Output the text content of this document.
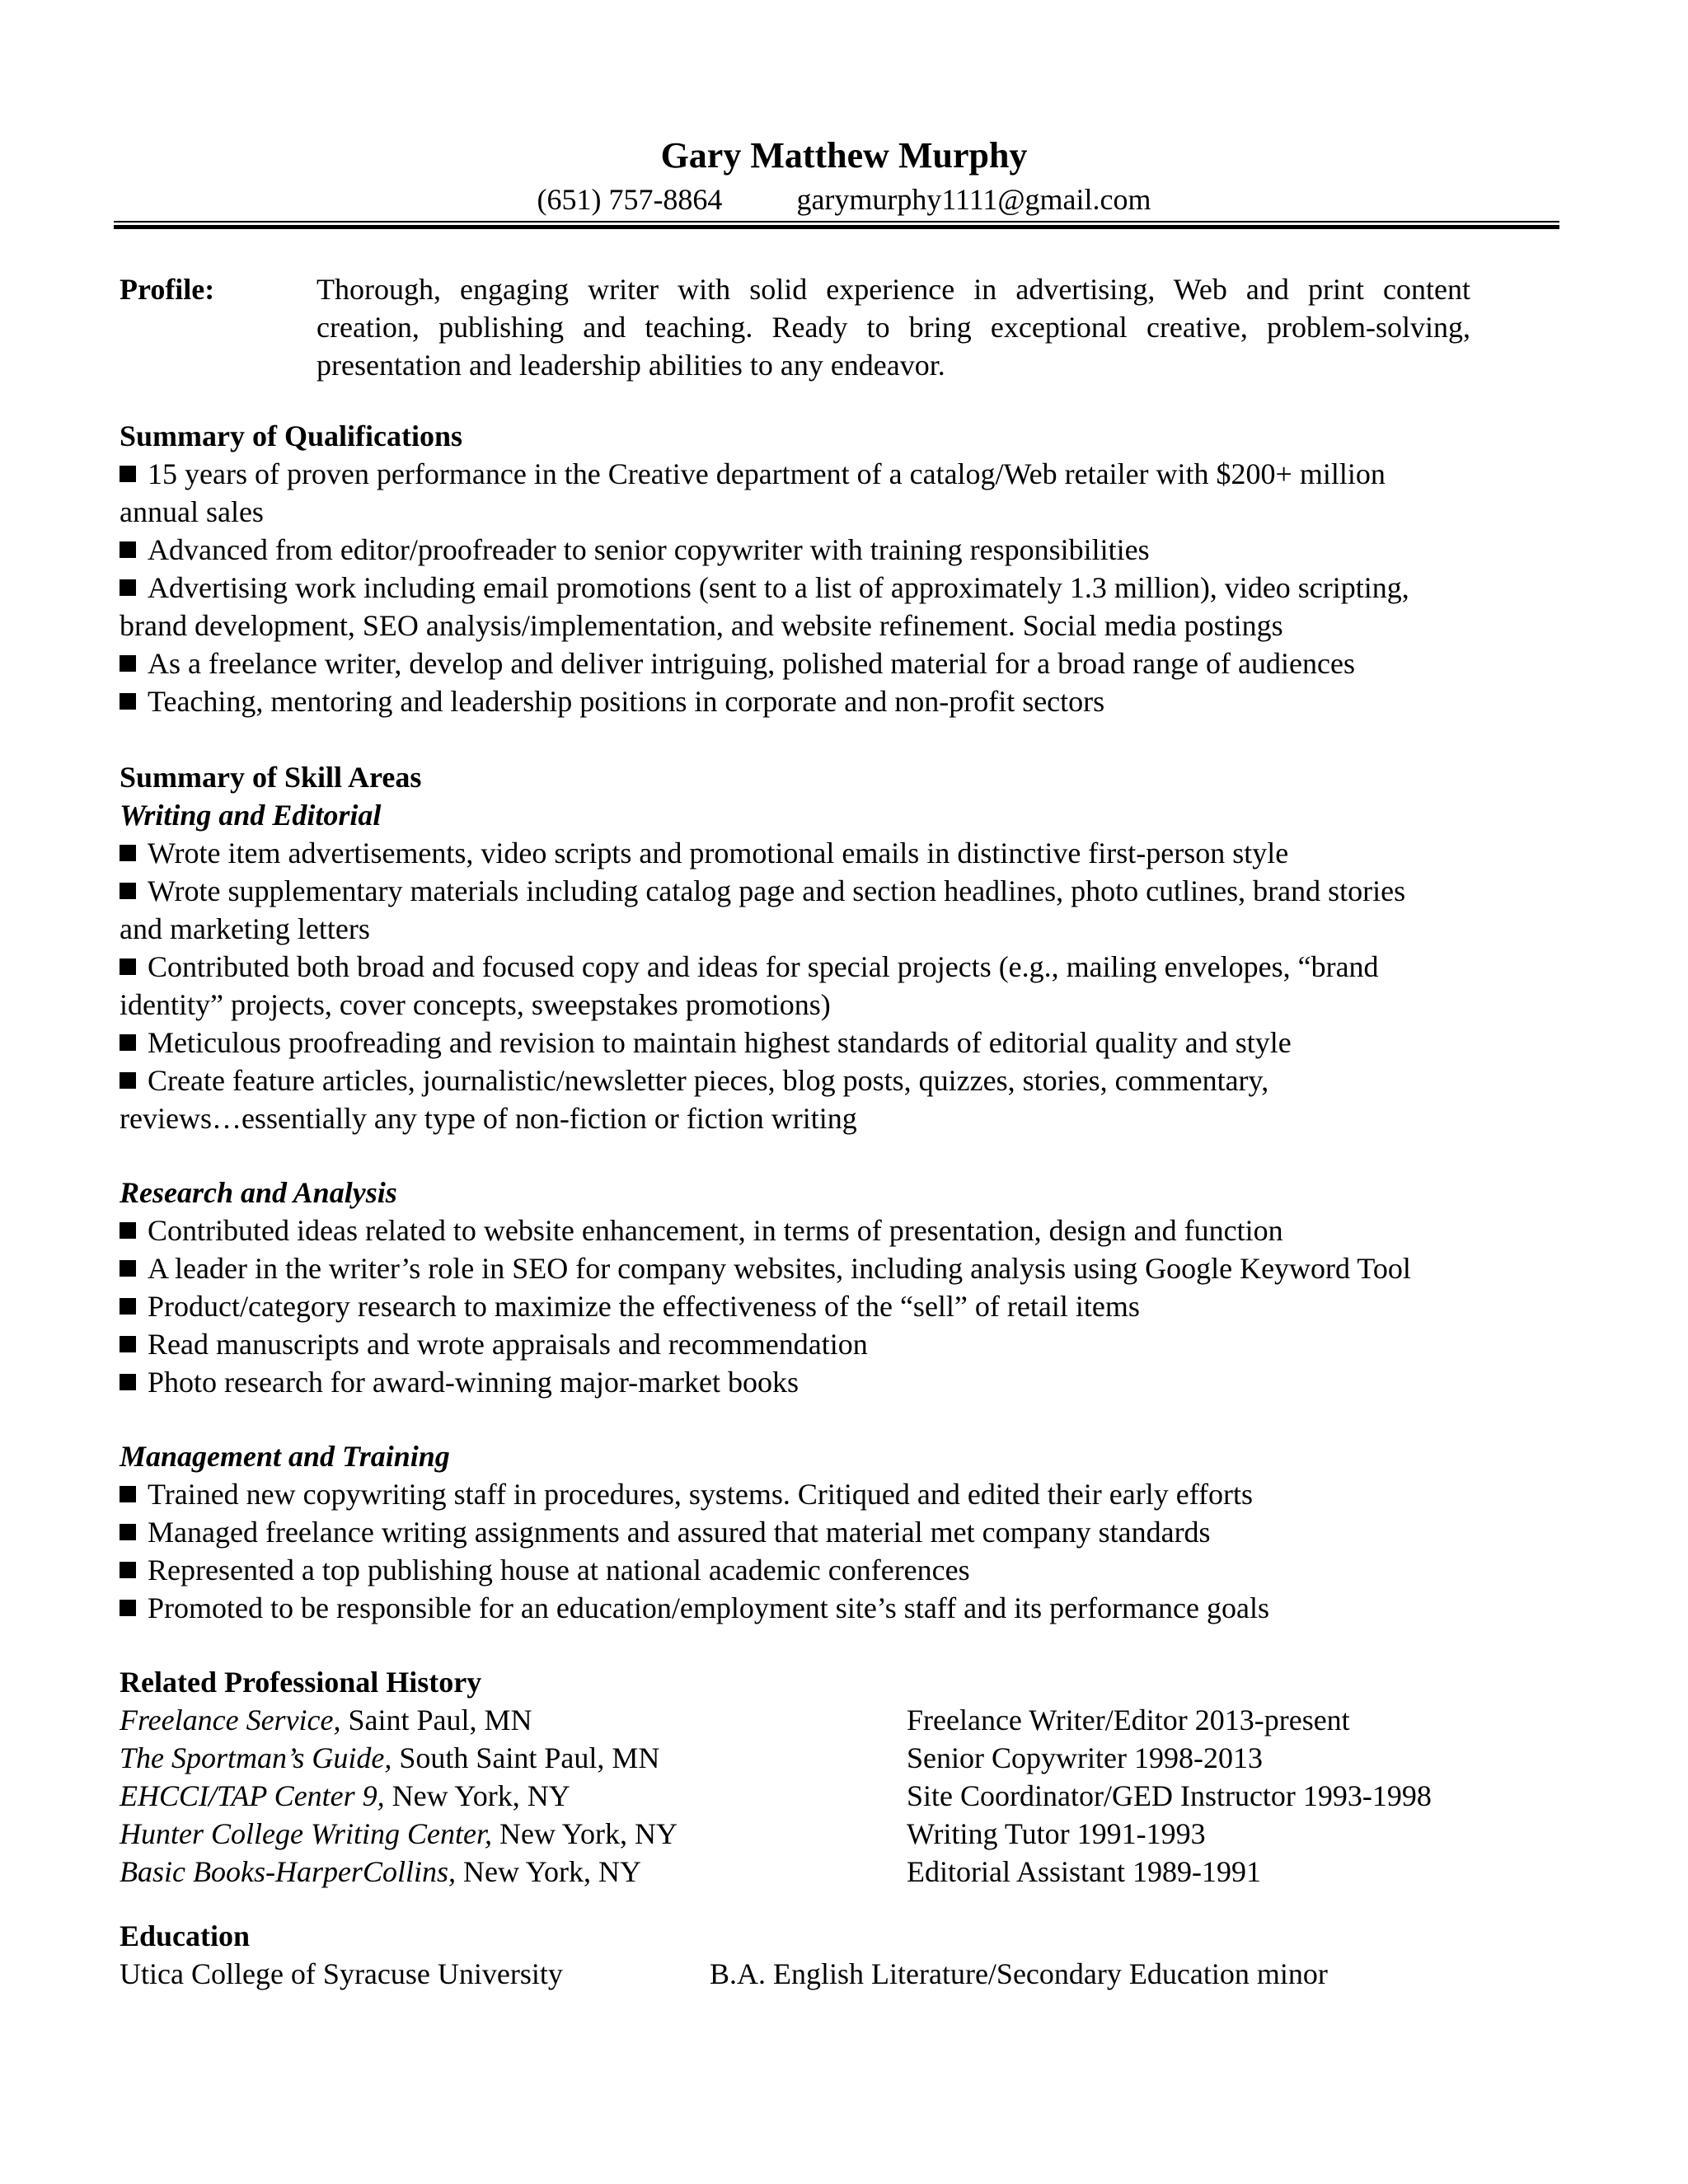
Gary Matthew Murphy
(651) 757-8864	garymurphy1111@gmail.com
Profile:	Thorough, engaging writer with solid experience in advertising, Web and print content
creation, publishing and teaching. Ready to bring exceptional creative, problem-solving,
presentation and leadership abilities to any endeavor.
Summary of Qualifications
15 years of proven performance in the Creative department of a catalog/Web retailer with $200+ million
annual sales
Advanced from editor/proofreader to senior copywriter with training responsibilities
Advertising work including email promotions (sent to a list of approximately 1.3 million), video scripting,
brand development, SEO analysis/implementation, and website refinement. Social media postings
As a freelance writer, develop and deliver intriguing, polished material for a broad range of audiences
Teaching, mentoring and leadership positions in corporate and non-profit sectors
Summary of Skill Areas
Writing and Editorial
Wrote item advertisements, video scripts and promotional emails in distinctive first-person style
Wrote supplementary materials including catalog page and section headlines, photo cutlines, brand stories
and marketing letters
Contributed both broad and focused copy and ideas for special projects (e.g., mailing envelopes, “brand
identity” projects, cover concepts, sweepstakes promotions)
Meticulous proofreading and revision to maintain highest standards of editorial quality and style
Create feature articles, journalistic/newsletter pieces, blog posts, quizzes, stories, commentary,
reviews…essentially any type of non-fiction or fiction writing
Research and Analysis
Contributed ideas related to website enhancement, in terms of presentation, design and function
A leader in the writer’s role in SEO for company websites, including analysis using Google Keyword Tool
Product/category research to maximize the effectiveness of the “sell” of retail items
Read manuscripts and wrote appraisals and recommendation
Photo research for award-winning major-market books
Management and Training
Trained new copywriting staff in procedures, systems. Critiqued and edited their early efforts
Managed freelance writing assignments and assured that material met company standards
Represented a top publishing house at national academic conferences
Promoted to be responsible for an education/employment site’s staff and its performance goals
Related Professional History
Freelance Service, Saint Paul, MN	Freelance Writer/Editor 2013-present
The Sportman’s Guide, South Saint Paul, MN	Senior Copywriter 1998-2013
EHCCI/TAP Center 9, New York, NY	Site Coordinator/GED Instructor 1993-1998
Hunter College Writing Center, New York, NY	Writing Tutor 1991-1993
Basic Books-HarperCollins, New York, NY	Editorial Assistant 1989-1991
Education
Utica College of Syracuse University	B.A. English Literature/Secondary Education minor
